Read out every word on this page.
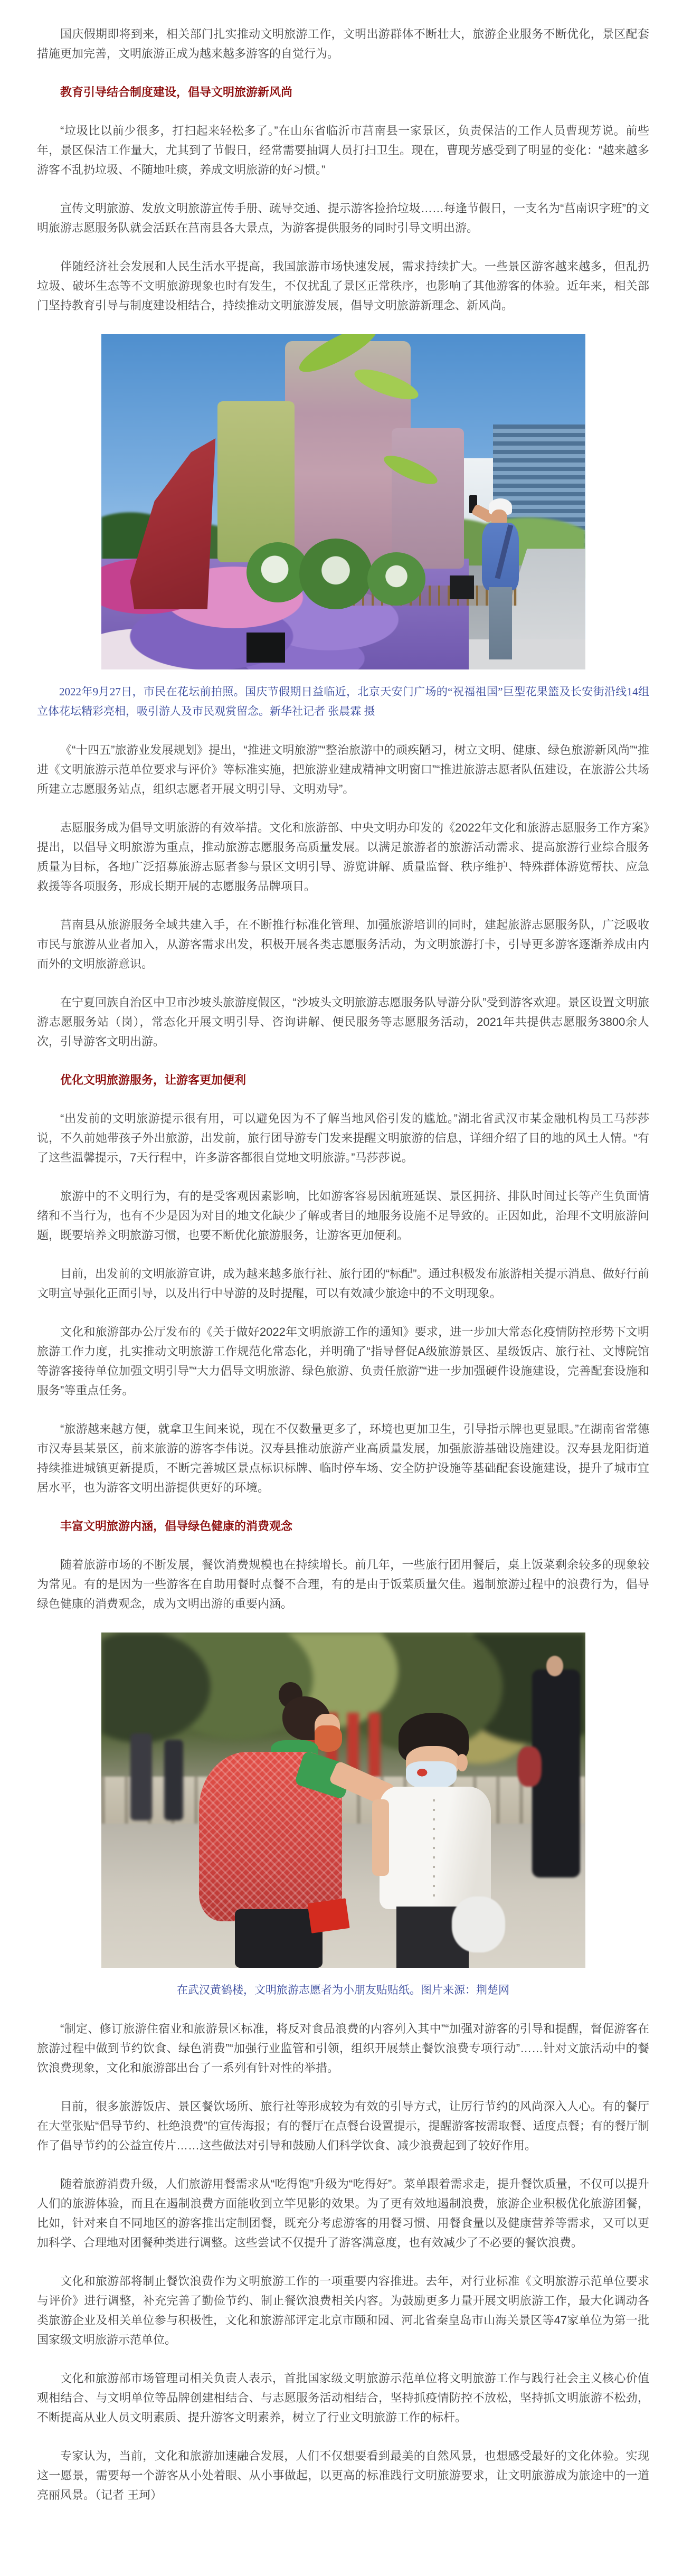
国庆假期即将到来，相关部门扎实推动文明旅游工作，文明出游群体不断壮大，旅游企业服务不断优化，景区配套措施更加完善，文明旅游正成为越来越多游客的自觉行为。

教育引导结合制度建设，倡导文明旅游新风尚

“垃圾比以前少很多，打扫起来轻松多了。”在山东省临沂市莒南县一家景区，负责保洁的工作人员曹现芳说。前些年，景区保洁工作量大，尤其到了节假日，经常需要抽调人员打扫卫生。现在，曹现芳感受到了明显的变化：“越来越多游客不乱扔垃圾、不随地吐痰，养成文明旅游的好习惯。”

宣传文明旅游、发放文明旅游宣传手册、疏导交通、提示游客捡拾垃圾……每逢节假日，一支名为“莒南识字班”的文明旅游志愿服务队就会活跃在莒南县各大景点，为游客提供服务的同时引导文明出游。

伴随经济社会发展和人民生活水平提高，我国旅游市场快速发展，需求持续扩大。一些景区游客越来越多，但乱扔垃圾、破坏生态等不文明旅游现象也时有发生，不仅扰乱了景区正常秩序，也影响了其他游客的体验。近年来，相关部门坚持教育引导与制度建设相结合，持续推动文明旅游发展，倡导文明旅游新理念、新风尚。

2022年9月27日，市民在花坛前拍照。国庆节假期日益临近，北京天安门广场的“祝福祖国”巨型花果篮及长安街沿线14组立体花坛精彩亮相，吸引游人及市民观赏留念。新华社记者 张晨霖 摄

《“十四五”旅游业发展规划》提出，“推进文明旅游”“整治旅游中的顽疾陋习，树立文明、健康、绿色旅游新风尚”“推进《文明旅游示范单位要求与评价》等标准实施，把旅游业建成精神文明窗口”“推进旅游志愿者队伍建设，在旅游公共场所建立志愿服务站点，组织志愿者开展文明引导、文明劝导”。

志愿服务成为倡导文明旅游的有效举措。文化和旅游部、中央文明办印发的《2022年文化和旅游志愿服务工作方案》提出，以倡导文明旅游为重点，推动旅游志愿服务高质量发展。以满足旅游者的旅游活动需求、提高旅游行业综合服务质量为目标，各地广泛招募旅游志愿者参与景区文明引导、游览讲解、质量监督、秩序维护、特殊群体游览帮扶、应急救援等各项服务，形成长期开展的志愿服务品牌项目。

莒南县从旅游服务全域共建入手，在不断推行标准化管理、加强旅游培训的同时，建起旅游志愿服务队，广泛吸收市民与旅游从业者加入，从游客需求出发，积极开展各类志愿服务活动，为文明旅游打卡，引导更多游客逐渐养成由内而外的文明旅游意识。

在宁夏回族自治区中卫市沙坡头旅游度假区，“沙坡头文明旅游志愿服务队导游分队”受到游客欢迎。景区设置文明旅游志愿服务站（岗），常态化开展文明引导、咨询讲解、便民服务等志愿服务活动，2021年共提供志愿服务3800余人次，引导游客文明出游。

优化文明旅游服务，让游客更加便利

“出发前的文明旅游提示很有用，可以避免因为不了解当地风俗引发的尴尬。”湖北省武汉市某金融机构员工马莎莎说，不久前她带孩子外出旅游，出发前，旅行团导游专门发来提醒文明旅游的信息，详细介绍了目的地的风土人情。“有了这些温馨提示，7天行程中，许多游客都很自觉地文明旅游。”马莎莎说。

旅游中的不文明行为，有的是受客观因素影响，比如游客容易因航班延误、景区拥挤、排队时间过长等产生负面情绪和不当行为，也有不少是因为对目的地文化缺少了解或者目的地服务设施不足导致的。正因如此，治理不文明旅游问题，既要培养文明旅游习惯，也要不断优化旅游服务，让游客更加便利。

目前，出发前的文明旅游宣讲，成为越来越多旅行社、旅行团的“标配”。通过积极发布旅游相关提示消息、做好行前文明宣导强化正面引导，以及出行中导游的及时提醒，可以有效减少旅途中的不文明现象。

文化和旅游部办公厅发布的《关于做好2022年文明旅游工作的通知》要求，进一步加大常态化疫情防控形势下文明旅游工作力度，扎实推动文明旅游工作规范化常态化，并明确了“指导督促A级旅游景区、星级饭店、旅行社、文博院馆等游客接待单位加强文明引导”“大力倡导文明旅游、绿色旅游、负责任旅游”“进一步加强硬件设施建设，完善配套设施和服务”等重点任务。

“旅游越来越方便，就拿卫生间来说，现在不仅数量更多了，环境也更加卫生，引导指示牌也更显眼。”在湖南省常德市汉寿县某景区，前来旅游的游客李伟说。汉寿县推动旅游产业高质量发展，加强旅游基础设施建设。汉寿县龙阳街道持续推进城镇更新提质，不断完善城区景点标识标牌、临时停车场、安全防护设施等基础配套设施建设，提升了城市宜居水平，也为游客文明出游提供更好的环境。

丰富文明旅游内涵，倡导绿色健康的消费观念

随着旅游市场的不断发展，餐饮消费规模也在持续增长。前几年，一些旅行团用餐后，桌上饭菜剩余较多的现象较为常见。有的是因为一些游客在自助用餐时点餐不合理，有的是由于饭菜质量欠佳。遏制旅游过程中的浪费行为，倡导绿色健康的消费观念，成为文明出游的重要内涵。

在武汉黄鹤楼，文明旅游志愿者为小朋友贴贴纸。图片来源：荆楚网

“制定、修订旅游住宿业和旅游景区标准，将反对食品浪费的内容列入其中”“加强对游客的引导和提醒，督促游客在旅游过程中做到节约饮食、绿色消费”“加强行业监管和引领，组织开展禁止餐饮浪费专项行动”……针对文旅活动中的餐饮浪费现象，文化和旅游部出台了一系列有针对性的举措。

目前，很多旅游饭店、景区餐饮场所、旅行社等形成较为有效的引导方式，让厉行节约的风尚深入人心。有的餐厅在大堂张贴“倡导节约、杜绝浪费”的宣传海报；有的餐厅在点餐台设置提示，提醒游客按需取餐、适度点餐；有的餐厅制作了倡导节约的公益宣传片……这些做法对引导和鼓励人们科学饮食、减少浪费起到了较好作用。

随着旅游消费升级，人们旅游用餐需求从“吃得饱”升级为“吃得好”。菜单跟着需求走，提升餐饮质量，不仅可以提升人们的旅游体验，而且在遏制浪费方面能收到立竿见影的效果。为了更有效地遏制浪费，旅游企业积极优化旅游团餐，比如，针对来自不同地区的游客推出定制团餐，既充分考虑游客的用餐习惯、用餐食量以及健康营养等需求，又可以更加科学、合理地对团餐种类进行调整。这些尝试不仅提升了游客满意度，也有效减少了不必要的餐饮浪费。

文化和旅游部将制止餐饮浪费作为文明旅游工作的一项重要内容推进。去年，对行业标准《文明旅游示范单位要求与评价》进行调整，补充完善了勤俭节约、制止餐饮浪费相关内容。为鼓励更多力量开展文明旅游工作，最大化调动各类旅游企业及相关单位参与积极性，文化和旅游部评定北京市颐和园、河北省秦皇岛市山海关景区等47家单位为第一批国家级文明旅游示范单位。

文化和旅游部市场管理司相关负责人表示，首批国家级文明旅游示范单位将文明旅游工作与践行社会主义核心价值观相结合、与文明单位等品牌创建相结合、与志愿服务活动相结合，坚持抓疫情防控不放松，坚持抓文明旅游不松劲，不断提高从业人员文明素质、提升游客文明素养，树立了行业文明旅游工作的标杆。

专家认为，当前，文化和旅游加速融合发展，人们不仅想要看到最美的自然风景，也想感受最好的文化体验。实现这一愿景，需要每一个游客从小处着眼、从小事做起，以更高的标准践行文明旅游要求，让文明旅游成为旅途中的一道亮丽风景。（记者 王珂）
